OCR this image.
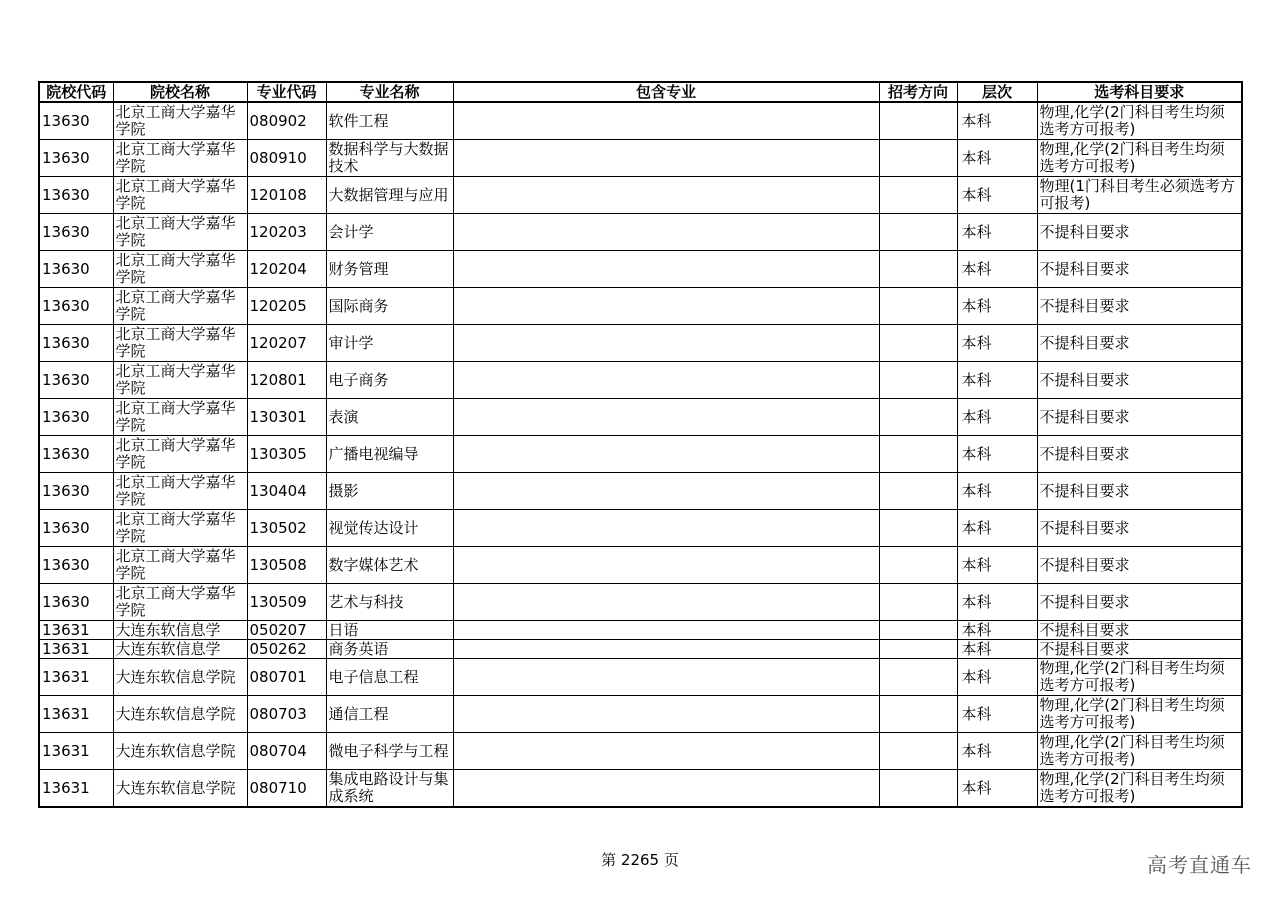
院校代码	院校名称	专业代码	专业名称	包含专业	招考方向	层次	选考科目要求
13630	北京工商大学嘉华学院	080902	软件工程			本科	物理,化学(2门科目考生均须选考方可报考)
13630	北京工商大学嘉华学院	080910	数据科学与大数据技术			本科	物理,化学(2门科目考生均须选考方可报考)
13630	北京工商大学嘉华学院	120108	大数据管理与应用			本科	物理(1门科目考生必须选考方可报考)
13630	北京工商大学嘉华学院	120203	会计学			本科	不提科目要求
13630	北京工商大学嘉华学院	120204	财务管理			本科	不提科目要求
13630	北京工商大学嘉华学院	120205	国际商务			本科	不提科目要求
13630	北京工商大学嘉华学院	120207	审计学			本科	不提科目要求
13630	北京工商大学嘉华学院	120801	电子商务			本科	不提科目要求
13630	北京工商大学嘉华学院	130301	表演			本科	不提科目要求
13630	北京工商大学嘉华学院	130305	广播电视编导			本科	不提科目要求
13630	北京工商大学嘉华学院	130404	摄影			本科	不提科目要求
13630	北京工商大学嘉华学院	130502	视觉传达设计			本科	不提科目要求
13630	北京工商大学嘉华学院	130508	数字媒体艺术			本科	不提科目要求
13630	北京工商大学嘉华学院	130509	艺术与科技			本科	不提科目要求
13631	大连东软信息学	050207	日语			本科	不提科目要求
13631	大连东软信息学	050262	商务英语			本科	不提科目要求
13631	大连东软信息学院	080701	电子信息工程			本科	物理,化学(2门科目考生均须选考方可报考)
13631	大连东软信息学院	080703	通信工程			本科	物理,化学(2门科目考生均须选考方可报考)
13631	大连东软信息学院	080704	微电子科学与工程			本科	物理,化学(2门科目考生均须选考方可报考)
13631	大连东软信息学院	080710	集成电路设计与集成系统			本科	物理,化学(2门科目考生均须选考方可报考)
第 2265 页	高考直通车
